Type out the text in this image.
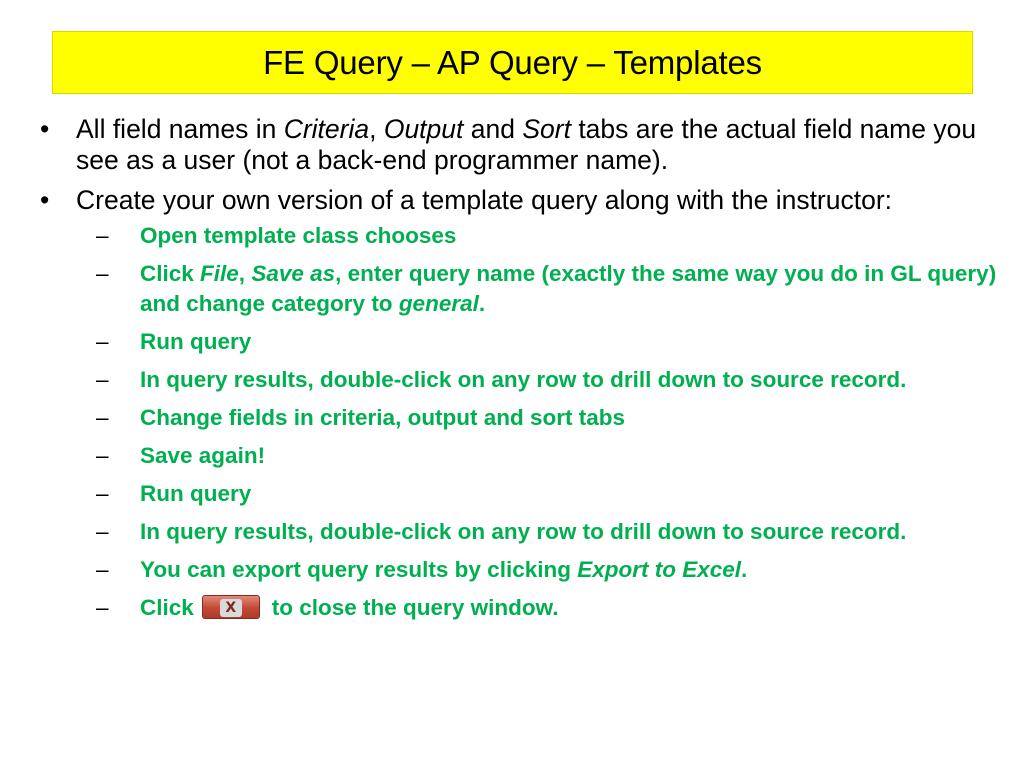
FE Query – AP Query – Templates
• All field names in Criteria, Output and Sort tabs are the actual field name you see as a user (not a back-end programmer name).
• Create your own version of a template query along with the instructor:
– Open template class chooses
– Click File, Save as, enter query name (exactly the same way you do in GL query) and change category to general.
– Run query
– In query results, double-click on any row to drill down to source record.
– Change fields in criteria, output and sort tabs
– Save again!
– Run query
– In query results, double-click on any row to drill down to source record.
– You can export query results by clicking Export to Excel.
– Click X to close the query window.
